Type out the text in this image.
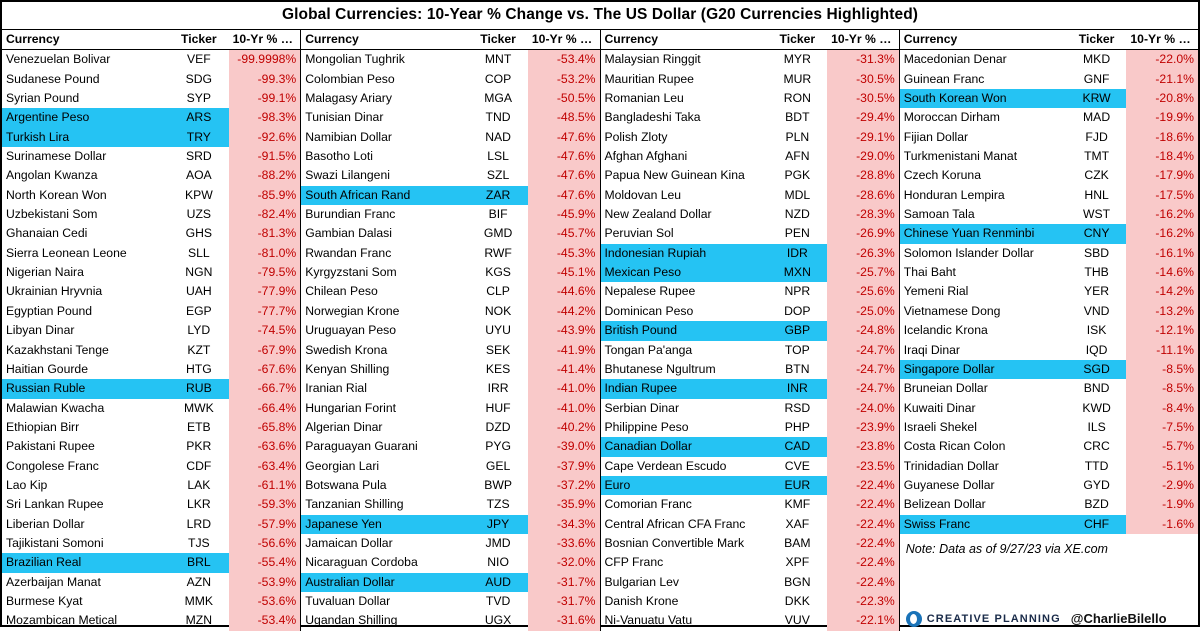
Global Currencies: 10-Year % Change vs. The US Dollar (G20 Currencies Highlighted)
Currency	Ticker	10-Yr % Ch
Venezuelan Bolivar	VEF	-99.9998%
Sudanese Pound	SDG	-99.3%
Syrian Pound	SYP	-99.1%
Argentine Peso	ARS	-98.3%
Turkish Lira	TRY	-92.6%
Surinamese Dollar	SRD	-91.5%
Angolan Kwanza	AOA	-88.2%
North Korean Won	KPW	-85.9%
Uzbekistani Som	UZS	-82.4%
Ghanaian Cedi	GHS	-81.3%
Sierra Leonean Leone	SLL	-81.0%
Nigerian Naira	NGN	-79.5%
Ukrainian Hryvnia	UAH	-77.9%
Egyptian Pound	EGP	-77.7%
Libyan Dinar	LYD	-74.5%
Kazakhstani Tenge	KZT	-67.9%
Haitian Gourde	HTG	-67.6%
Russian Ruble	RUB	-66.7%
Malawian Kwacha	MWK	-66.4%
Ethiopian Birr	ETB	-65.8%
Pakistani Rupee	PKR	-63.6%
Congolese Franc	CDF	-63.4%
Lao Kip	LAK	-61.1%
Sri Lankan Rupee	LKR	-59.3%
Liberian Dollar	LRD	-57.9%
Tajikistani Somoni	TJS	-56.6%
Brazilian Real	BRL	-55.4%
Azerbaijan Manat	AZN	-53.9%
Burmese Kyat	MMK	-53.6%
Mozambican Metical	MZN	-53.4%
Currency	Ticker	10-Yr % Ch
Mongolian Tughrik	MNT	-53.4%
Colombian Peso	COP	-53.2%
Malagasy Ariary	MGA	-50.5%
Tunisian Dinar	TND	-48.5%
Namibian Dollar	NAD	-47.6%
Basotho Loti	LSL	-47.6%
Swazi Lilangeni	SZL	-47.6%
South African Rand	ZAR	-47.6%
Burundian Franc	BIF	-45.9%
Gambian Dalasi	GMD	-45.7%
Rwandan Franc	RWF	-45.3%
Kyrgyzstani Som	KGS	-45.1%
Chilean Peso	CLP	-44.6%
Norwegian Krone	NOK	-44.2%
Uruguayan Peso	UYU	-43.9%
Swedish Krona	SEK	-41.9%
Kenyan Shilling	KES	-41.4%
Iranian Rial	IRR	-41.0%
Hungarian Forint	HUF	-41.0%
Algerian Dinar	DZD	-40.2%
Paraguayan Guarani	PYG	-39.0%
Georgian Lari	GEL	-37.9%
Botswana Pula	BWP	-37.2%
Tanzanian Shilling	TZS	-35.9%
Japanese Yen	JPY	-34.3%
Jamaican Dollar	JMD	-33.6%
Nicaraguan Cordoba	NIO	-32.0%
Australian Dollar	AUD	-31.7%
Tuvaluan Dollar	TVD	-31.7%
Ugandan Shilling	UGX	-31.6%
Currency	Ticker	10-Yr % Ch
Malaysian Ringgit	MYR	-31.3%
Mauritian Rupee	MUR	-30.5%
Romanian Leu	RON	-30.5%
Bangladeshi Taka	BDT	-29.4%
Polish Zloty	PLN	-29.1%
Afghan Afghani	AFN	-29.0%
Papua New Guinean Kina	PGK	-28.8%
Moldovan Leu	MDL	-28.6%
New Zealand Dollar	NZD	-28.3%
Peruvian Sol	PEN	-26.9%
Indonesian Rupiah	IDR	-26.3%
Mexican Peso	MXN	-25.7%
Nepalese Rupee	NPR	-25.6%
Dominican Peso	DOP	-25.0%
British Pound	GBP	-24.8%
Tongan Pa'anga	TOP	-24.7%
Bhutanese Ngultrum	BTN	-24.7%
Indian Rupee	INR	-24.7%
Serbian Dinar	RSD	-24.0%
Philippine Peso	PHP	-23.9%
Canadian Dollar	CAD	-23.8%
Cape Verdean Escudo	CVE	-23.5%
Euro	EUR	-22.4%
Comorian Franc	KMF	-22.4%
Central African CFA Franc	XAF	-22.4%
Bosnian Convertible Mark	BAM	-22.4%
CFP Franc	XPF	-22.4%
Bulgarian Lev	BGN	-22.4%
Danish Krone	DKK	-22.3%
Ni-Vanuatu Vatu	VUV	-22.1%
Currency	Ticker	10-Yr % Ch
Macedonian Denar	MKD	-22.0%
Guinean Franc	GNF	-21.1%
South Korean Won	KRW	-20.8%
Moroccan Dirham	MAD	-19.9%
Fijian Dollar	FJD	-18.6%
Turkmenistani Manat	TMT	-18.4%
Czech Koruna	CZK	-17.9%
Honduran Lempira	HNL	-17.5%
Samoan Tala	WST	-16.2%
Chinese Yuan Renminbi	CNY	-16.2%
Solomon Islander Dollar	SBD	-16.1%
Thai Baht	THB	-14.6%
Yemeni Rial	YER	-14.2%
Vietnamese Dong	VND	-13.2%
Icelandic Krona	ISK	-12.1%
Iraqi Dinar	IQD	-11.1%
Singapore Dollar	SGD	-8.5%
Bruneian Dollar	BND	-8.5%
Kuwaiti Dinar	KWD	-8.4%
Israeli Shekel	ILS	-7.5%
Costa Rican Colon	CRC	-5.7%
Trinidadian Dollar	TTD	-5.1%
Guyanese Dollar	GYD	-2.9%
Belizean Dollar	BZD	-1.9%
Swiss Franc	CHF	-1.6%
Note: Data as of 9/27/23 via XE.com
CREATIVE PLANNING @CharlieBilello
